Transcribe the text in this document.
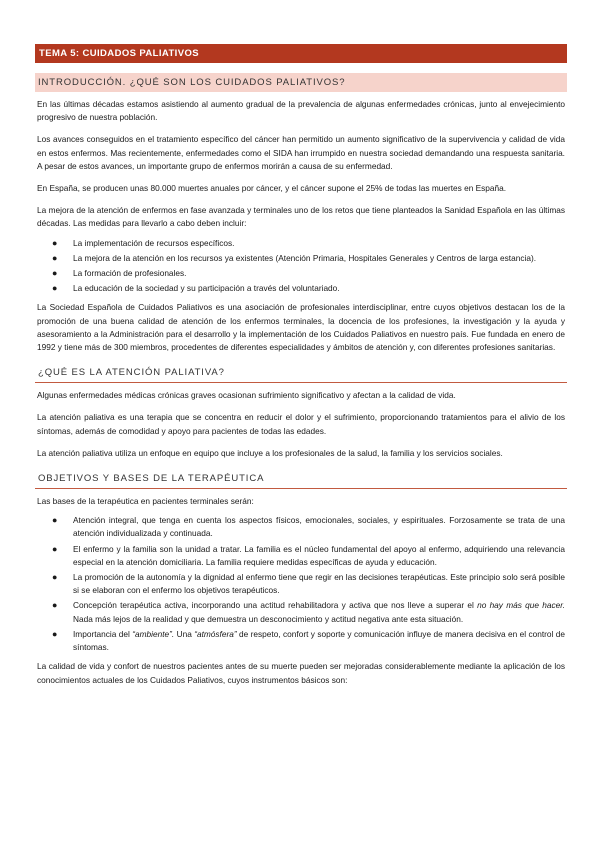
TEMA 5: CUIDADOS PALIATIVOS
INTRODUCCIÓN. ¿QUÉ SON LOS CUIDADOS PALIATIVOS?

En las últimas décadas estamos asistiendo al aumento gradual de la prevalencia de algunas enfermedades crónicas, junto al envejecimiento progresivo de nuestra población.

Los avances conseguidos en el tratamiento específico del cáncer han permitido un aumento significativo de la supervivencia y calidad de vida en estos enfermos. Mas recientemente, enfermedades como el SIDA han irrumpido en nuestra sociedad demandando una respuesta sanitaria. A pesar de estos avances, un importante grupo de enfermos morirán a causa de su enfermedad.

En España, se producen unas 80.000 muertes anuales por cáncer, y el cáncer supone el 25% de todas las muertes en España.

La mejora de la atención de enfermos en fase avanzada y terminales uno de los retos que tiene planteados la Sanidad Española en las últimas décadas. Las medidas para llevarlo a cabo deben incluir:

● La implementación de recursos específicos.
● La mejora de la atención en los recursos ya existentes (Atención Primaria, Hospitales Generales y Centros de larga estancia).
● La formación de profesionales.
● La educación de la sociedad y su participación a través del voluntariado.

La Sociedad Española de Cuidados Paliativos es una asociación de profesionales interdisciplinar, entre cuyos objetivos destacan los de la promoción de una buena calidad de atención de los enfermos terminales, la docencia de los profesiones, la investigación y la ayuda y asesoramiento a la Administración para el desarrollo y la implementación de los Cuidados Paliativos en nuestro país. Fue fundada en enero de 1992 y tiene más de 300 miembros, procedentes de diferentes especialidades y ámbitos de atención y, con diferentes profesiones sanitarias.

¿QUÉ ES LA ATENCIÓN PALIATIVA?

Algunas enfermedades médicas crónicas graves ocasionan sufrimiento significativo y afectan a la calidad de vida.

La atención paliativa es una terapia que se concentra en reducir el dolor y el sufrimiento, proporcionando tratamientos para el alivio de los síntomas, además de comodidad y apoyo para pacientes de todas las edades.

La atención paliativa utiliza un enfoque en equipo que incluye a los profesionales de la salud, la familia y los servicios sociales.

OBJETIVOS Y BASES DE LA TERAPÉUTICA

Las bases de la terapéutica en pacientes terminales serán:

● Atención integral, que tenga en cuenta los aspectos físicos, emocionales, sociales, y espirituales. Forzosamente se trata de una atención individualizada y continuada.
● El enfermo y la familia son la unidad a tratar. La familia es el núcleo fundamental del apoyo al enfermo, adquiriendo una relevancia especial en la atención domiciliaria. La familia requiere medidas específicas de ayuda y educación.
● La promoción de la autonomía y la dignidad al enfermo tiene que regir en las decisiones terapéuticas. Este principio solo será posible si se elaboran con el enfermo los objetivos terapéuticos.
● Concepción terapéutica activa, incorporando una actitud rehabilitadora y activa que nos lleve a superar el no hay más que hacer. Nada más lejos de la realidad y que demuestra un desconocimiento y actitud negativa ante esta situación.
● Importancia del “ambiente”. Una “atmósfera” de respeto, confort y soporte y comunicación influye de manera decisiva en el control de síntomas.

La calidad de vida y confort de nuestros pacientes antes de su muerte pueden ser mejoradas considerablemente mediante la aplicación de los conocimientos actuales de los Cuidados Paliativos, cuyos instrumentos básicos son:
